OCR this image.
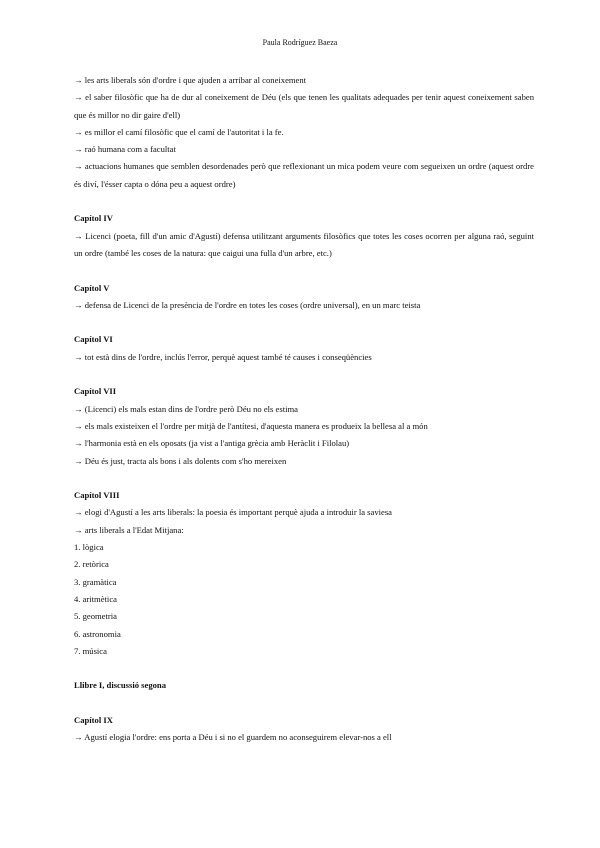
Paula Rodríguez Baeza
→ les arts liberals són d'ordre i que ajuden a arribar al coneixement
→ el saber filosòfic que ha de dur al coneixement de Déu (els que tenen les qualitats adequades per tenir aquest coneixement saben que és millor no dir gaire d'ell)
→ es millor el camí filosòfic que el camí de l'autoritat i la fe.
→ raó humana com a facultat
→ actuacions humanes que semblen desordenades però que reflexionant un mica podem veure com segueixen un ordre (aquest ordre és diví, l'ésser capta o dóna peu a aquest ordre)
Capítol IV
→ Licenci (poeta, fill d'un amic d'Agustí) defensa utilitzant arguments filosòfics que totes les coses ocorren per alguna raó, seguint un ordre (també les coses de la natura: que caigui una fulla d'un arbre, etc.)
Capítol V
→ defensa de Licenci de la presència de l'ordre en totes les coses (ordre universal), en un marc teista
Capítol VI
→ tot està dins de l'ordre, inclús l'error, perquè aquest també té causes i conseqüències
Capítol VII
→ (Licenci) els mals estan dins de l'ordre però Déu no els estima
→ els mals existeixen el l'ordre per mitjà de l'antítesi, d'aquesta manera es produeix la bellesa al a món
→ l'harmonia està en els oposats (ja vist a l'antiga grècia amb Heràclit i Filolau)
→ Déu és just, tracta als bons i als dolents com s'ho mereixen
Capítol VIII
→ elogi d'Agustí a les arts liberals: la poesia és important perquè ajuda a introduir la saviesa
→ arts liberals a l'Edat Mitjana:
1. lògica
2. retòrica
3. gramàtica
4. aritmètica
5. geometria
6. astronomia
7. música
Llibre I, discussió segona
Capítol IX
→ Agustí elogia l'ordre: ens porta a Déu i si no el guardem no aconseguirem elevar-nos a ell
